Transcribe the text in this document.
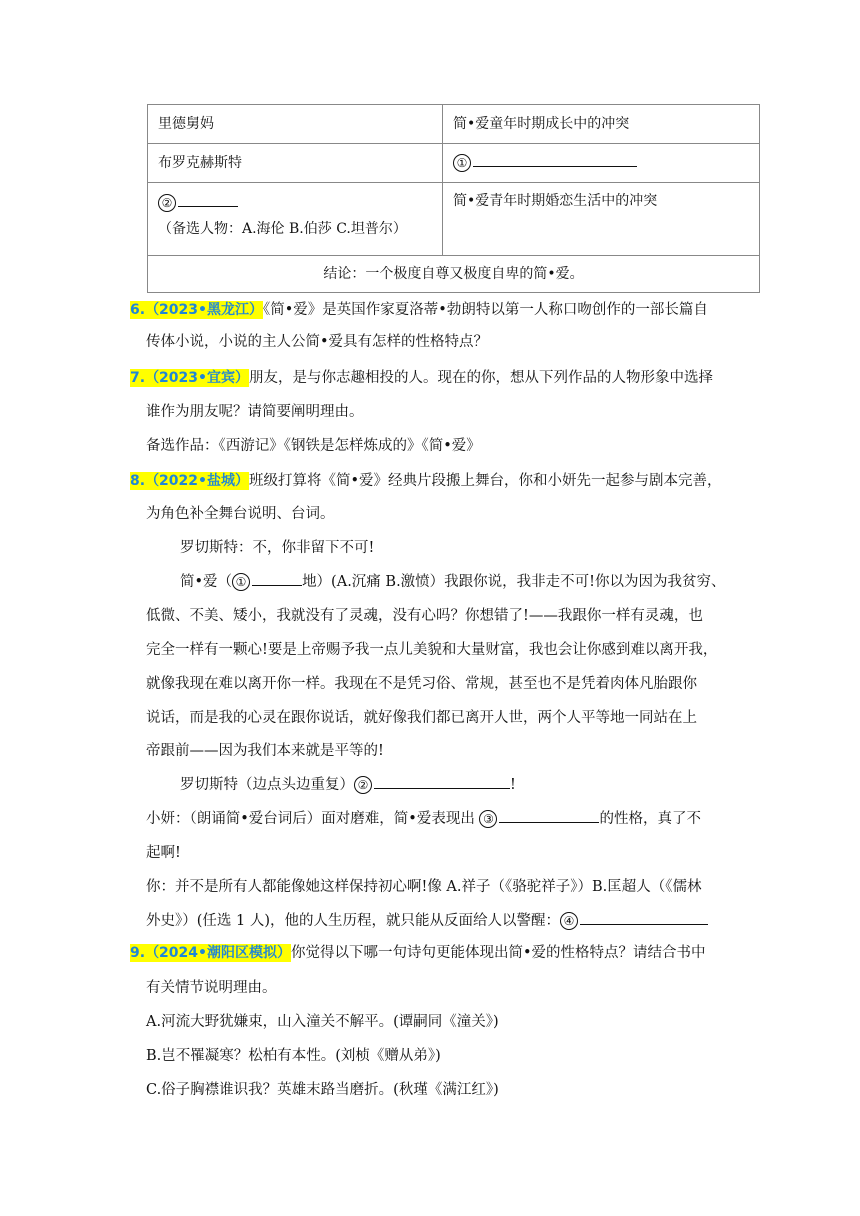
里德舅妈	简•爱童年时期成长中的冲突
布罗克赫斯特	①

②
（备选人物：A.海伦 B.伯莎 C.坦普尔）	简•爱青年时期婚恋生活中的冲突

结论：一个极度自尊又极度自卑的简•爱。	
6.（2023•黑龙江）《简•爱》是英国作家夏洛蒂•勃朗特以第一人称口吻创作的一部长篇自
传体小说，小说的主人公简•爱具有怎样的性格特点？
7.（2023•宜宾）朋友，是与你志趣相投的人。现在的你，想从下列作品的人物形象中选择
谁作为朋友呢？请简要阐明理由。
备选作品：《西游记》《钢铁是怎样炼成的》《简•爱》
8.（2022•盐城）班级打算将《简•爱》经典片段搬上舞台，你和小妍先一起参与剧本完善，
为角色补全舞台说明、台词。
罗切斯特：不，你非留下不可!
简•爱（ ①	地）(A.沉痛 B.激愤）我跟你说，我非走不可!你以为因为我贫穷、
低微、不美、矮小，我就没有了灵魂，没有心吗？你想错了!——我跟你一样有灵魂，也
完全一样有一颗心!要是上帝赐予我一点儿美貌和大量财富，我也会让你感到难以离开我，
就像我现在难以离开你一样。我现在不是凭习俗、常规，甚至也不是凭着肉体凡胎跟你
说话，而是我的心灵在跟你说话，就好像我们都已离开人世，两个人平等地一同站在上
帝跟前——因为我们本来就是平等的!
罗切斯特（边点头边重复） ②	!
小妍：（朗诵简•爱台词后）面对磨难，简•爱表现出 ③	的性格，真了不
起啊!
你：并不是所有人都能像她这样保持初心啊!像 A.祥子（《骆驼祥子》）B.匡超人（《儒林
外史》）(任选 1 人)，他的人生历程，就只能从反面给人以警醒： ④
9.（2024•潮阳区模拟）你觉得以下哪一句诗句更能体现出简•爱的性格特点？请结合书中
有关情节说明理由。
A.河流大野犹嫌束，山入潼关不解平。(谭嗣同《潼关》)
B.岂不罹凝寒？松柏有本性。(刘桢《赠从弟》)
C.俗子胸襟谁识我？英雄末路当磨折。(秋瑾《满江红》)
